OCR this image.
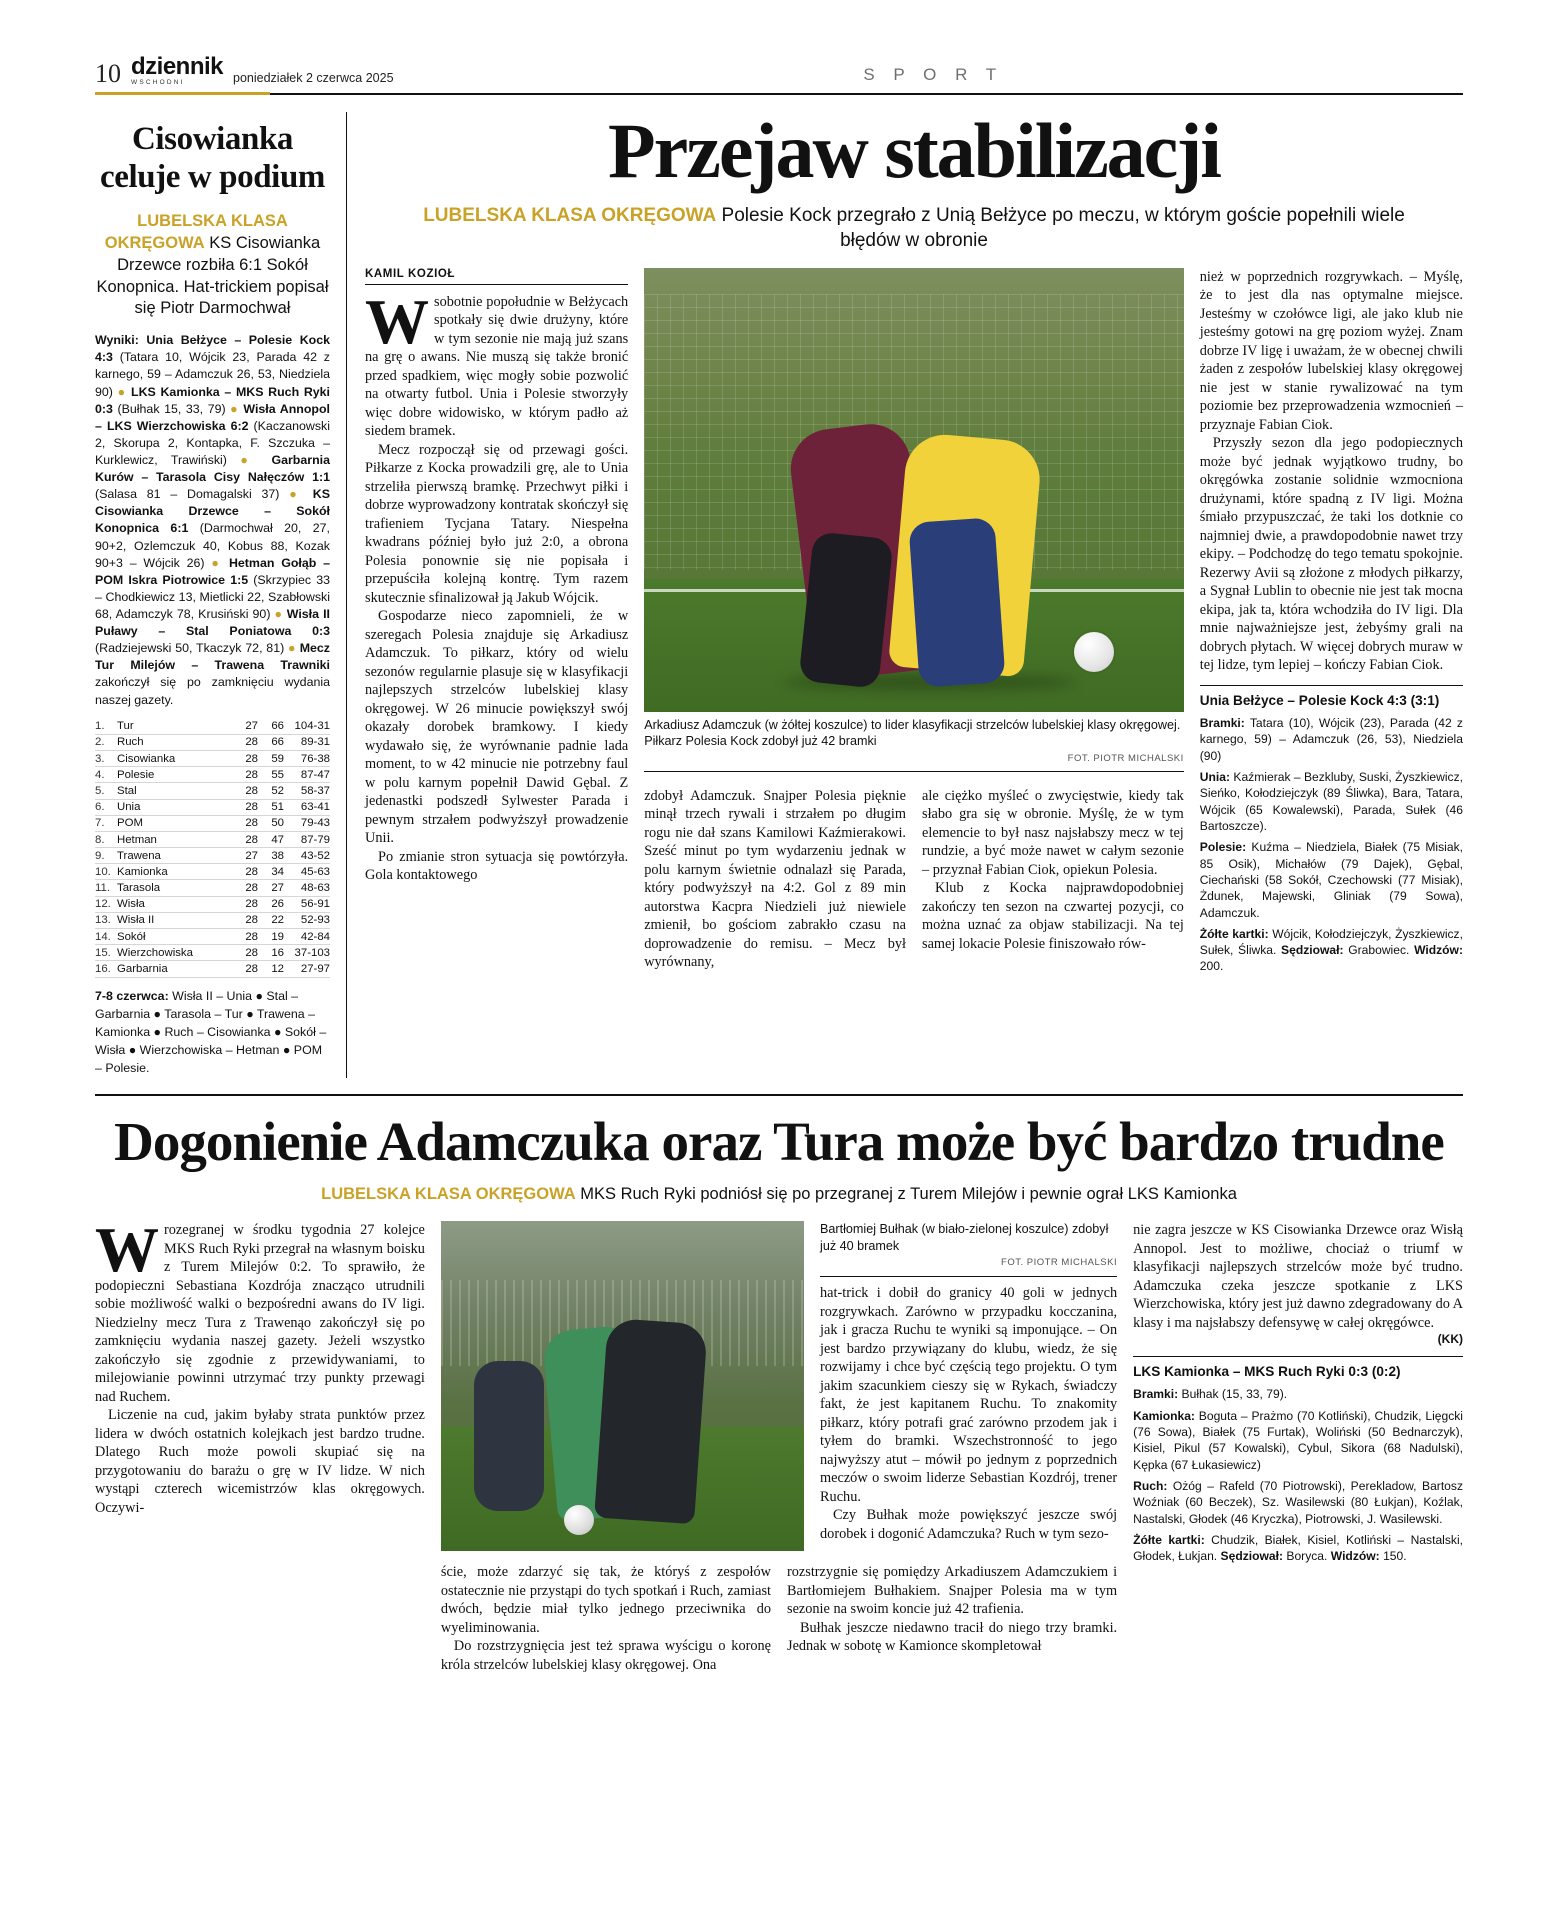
10 dziennik
WSCHODNI	poniedziałek 2 czerwca 2025	S P O R T
Cisowianka celuje w podium
LUBELSKA KLASA OKRĘGOWA KS Cisowianka Drzewce rozbiła 6:1 Sokół Konopnica. Hat-trickiem popisał się Piotr Darmochwał
Wyniki: Unia Bełżyce – Polesie Kock 4:3 (Tatara 10, Wójcik 23, Parada 42 z karnego, 59 – Adamczuk 26, 53, Niedziela 90) ● LKS Kamionka – MKS Ruch Ryki 0:3 (Bułhak 15, 33, 79) ● Wisła Annopol – LKS Wierzchowiska 6:2 (Kaczanowski 2, Skorupa 2, Kontapka, F. Szczuka – Kurklewicz, Trawiński) ● Garbarnia Kurów – Tarasola Cisy Nałęczów 1:1 (Salasa 81 – Domagalski 37) ● KS Cisowianka Drzewce – Sokół Konopnica 6:1 (Darmochwał 20, 27, 90+2, Ozlemczuk 40, Kobus 88, Kozak 90+3 – Wójcik 26) ● Hetman Gołąb – POM Iskra Piotrowice 1:5 (Skrzypiec 33 – Chodkiewicz 13, Mietlicki 22, Szabłowski 68, Adamczyk 78, Krusiński 90) ● Wisła II Puławy – Stal Poniatowa 0:3 (Radziejewski 50, Tkaczyk 72, 81) ● Mecz Tur Milejów – Trawena Trawniki zakończył się po zamknięciu wydania naszej gazety.
1.	Tur	27	66	104-31
2.	Ruch	28	66	89-31
3.	Cisowianka	28	59	76-38
4.	Polesie	28	55	87-47
5.	Stal	28	52	58-37
6.	Unia	28	51	63-41
7.	POM	28	50	79-43
8.	Hetman	28	47	87-79
9.	Trawena	27	38	43-52
10.	Kamionka	28	34	45-63
11.	Tarasola	28	27	48-63
12.	Wisła	28	26	56-91
13.	Wisła II	28	22	52-93
14.	Sokół	28	19	42-84
15.	Wierzchowiska	28	16	37-103
16.	Garbarnia	28	12	27-97
7-8 czerwca: Wisła II – Unia ● Stal – Garbarnia ● Tarasola – Tur ● Trawena – Kamionka ● Ruch – Cisowianka ● Sokół – Wisła ● Wierzchowiska – Hetman ● POM – Polesie.
Przejaw stabilizacji
LUBELSKA KLASA OKRĘGOWA Polesie Kock przegrało z Unią Bełżyce po meczu, w którym goście popełnili wiele błędów w obronie
KAMIL KOZIOŁ

Wsobotnie popołudnie w Bełżycach spotkały się dwie drużyny, które w tym sezonie nie mają już szans na grę o awans. Nie muszą się także bronić przed spadkiem, więc mogły sobie pozwolić na otwarty futbol. Unia i Polesie stworzyły więc dobre widowisko, w którym padło aż siedem bramek.

Mecz rozpoczął się od przewagi gości. Piłkarze z Kocka prowadzili grę, ale to Unia strzeliła pierwszą bramkę. Przechwyt piłki i dobrze wyprowadzony kontratak skończył się trafieniem Tycjana Tatary. Niespełna kwadrans później było już 2:0, a obrona Polesia ponownie się nie popisała i przepuściła kolejną kontrę. Tym razem skutecznie sfinalizował ją Jakub Wójcik.

Gospodarze nieco zapomnieli, że w szeregach Polesia znajduje się Arkadiusz Adamczuk. To piłkarz, który od wielu sezonów regularnie plasuje się w klasyfikacji najlepszych strzelców lubelskiej klasy okręgowej. W 26 minucie powiększył swój okazały dorobek bramkowy. I kiedy wydawało się, że wyrównanie padnie lada moment, to w 42 minucie nie potrzebny faul w polu karnym popełnił Dawid Gębal. Z jedenastki podszedł Sylwester Parada i pewnym strzałem podwyższył prowadzenie Unii.

Po zmianie stron sytuacja się powtórzyła. Gola kontaktowego

Arkadiusz Adamczuk (w żółtej koszulce) to lider klasyfikacji strzelców lubelskiej klasy okręgowej. Piłkarz Polesia Kock zdobył już 42 bramki
FOT. PIOTR MICHALSKI

zdobył Adamczuk. Snajper Polesia pięknie minął trzech rywali i strzałem po długim rogu nie dał szans Kamilowi Kaźmierakowi. Sześć minut po tym wydarzeniu jednak w polu karnym świetnie odnalazł się Parada, który podwyższył na 4:2. Gol z 89 min autorstwa Kacpra Niedzieli już niewiele zmienił, bo gościom zabrakło czasu na doprowadzenie do remisu. – Mecz był wyrównany,

ale ciężko myśleć o zwycięstwie, kiedy tak słabo gra się w obronie. Myślę, że w tym elemencie to był nasz najsłabszy mecz w tej rundzie, a być może nawet w całym sezonie – przyznał Fabian Ciok, opiekun Polesia.

Klub z Kocka najprawdopodobniej zakończy ten sezon na czwartej pozycji, co można uznać za objaw stabilizacji. Na tej samej lokacie Polesie finiszowało rów-

nież w poprzednich rozgrywkach. – Myślę, że to jest dla nas optymalne miejsce. Jesteśmy w czołówce ligi, ale jako klub nie jesteśmy gotowi na grę poziom wyżej. Znam dobrze IV ligę i uważam, że w obecnej chwili żaden z zespołów lubelskiej klasy okręgowej nie jest w stanie rywalizować na tym poziomie bez przeprowadzenia wzmocnień – przyznaje Fabian Ciok.

Przyszły sezon dla jego podopiecznych może być jednak wyjątkowo trudny, bo okręgówka zostanie solidnie wzmocniona drużynami, które spadną z IV ligi. Można śmiało przypuszczać, że taki los dotknie co najmniej dwie, a prawdopodobnie nawet trzy ekipy. – Podchodzę do tego tematu spokojnie. Rezerwy Avii są złożone z młodych piłkarzy, a Sygnał Lublin to obecnie nie jest tak mocna ekipa, jak ta, która wchodziła do IV ligi. Dla mnie najważniejsze jest, żebyśmy grali na dobrych płytach. W więcej dobrych muraw w tej lidze, tym lepiej – kończy Fabian Ciok.

Unia Bełżyce – Polesie Kock 4:3 (3:1)

Bramki: Tatara (10), Wójcik (23), Parada (42 z karnego, 59) – Adamczuk (26, 53), Niedziela (90)

Unia: Kaźmierak – Bezkluby, Suski, Żyszkiewicz, Sieńko, Kołodziejczyk (89 Śliwka), Bara, Tatara, Wójcik (65 Kowalewski), Parada, Sułek (46 Bartoszcze).

Polesie: Kuźma – Niedziela, Białek (75 Misiak, 85 Osik), Michałów (79 Dajek), Gębal, Ciechański (58 Sokół, Czechowski (77 Misiak), Żdunek, Majewski, Gliniak (79 Sowa), Adamczuk.

Żółte kartki: Wójcik, Kołodziejczyk, Żyszkiewicz, Sułek, Śliwka. Sędziował: Grabowiec. Widzów: 200.

Dogonienie Adamczuka oraz Tura może być bardzo trudne
LUBELSKA KLASA OKRĘGOWA MKS Ruch Ryki podniósł się po przegranej z Turem Milejów i pewnie ograł LKS Kamionka

Wrozegranej w środku tygodnia 27 kolejce MKS Ruch Ryki przegrał na własnym boisku z Turem Milejów 0:2. To sprawiło, że podopieczni Sebastiana Kozdrója znacząco utrudnili sobie możliwość walki o bezpośredni awans do IV ligi. Niedzielny mecz Tura z Trawenąo zakończył się po zamknięciu wydania naszej gazety. Jeżeli wszystko zakończyło się zgodnie z przewidywaniami, to milejowianie powinni utrzymać trzy punkty przewagi nad Ruchem.

Liczenie na cud, jakim byłaby strata punktów przez lidera w dwóch ostatnich kolejkach jest bardzo trudne. Dlatego Ruch może powoli skupiać się na przygotowaniu do barażu o grę w IV lidze. W nich wystąpi czterech wicemistrzów klas okręgowych. Oczywi-

Bartłomiej Bułhak (w biało-zielonej koszulce) zdobył już 40 bramek
FOT. PIOTR MICHALSKI

hat-trick i dobił do granicy 40 goli w jednych rozgrywkach. Zarówno w przypadku kocczanina, jak i gracza Ruchu te wyniki są imponujące. – On jest bardzo przywiązany do klubu, wiedz, że się rozwijamy i chce być częścią tego projektu. O tym jakim szacunkiem cieszy się w Rykach, świadczy fakt, że jest kapitanem Ruchu. To znakomity piłkarz, który potrafi grać zarówno przodem jak i tyłem do bramki. Wszechstronność to jego najwyższy atut – mówił po jednym z poprzednich meczów o swoim liderze Sebastian Kozdrój, trener Ruchu.

Czy Bułhak może powiększyć jeszcze swój dorobek i dogonić Adamczuka? Ruch w tym sezo-

ście, może zdarzyć się tak, że któryś z zespołów ostatecznie nie przystąpi do tych spotkań i Ruch, zamiast dwóch, będzie miał tylko jednego przeciwnika do wyeliminowania.

Do rozstrzygnięcia jest też sprawa wyścigu o koronę króla strzelców lubelskiej klasy okręgowej. Ona

rozstrzygnie się pomiędzy Arkadiuszem Adamczukiem i Bartłomiejem Bułhakiem. Snajper Polesia ma w tym sezonie na swoim koncie już 42 trafienia.

Bułhak jeszcze niedawno tracił do niego trzy bramki. Jednak w sobotę w Kamionce skompletował

nie zagra jeszcze w KS Cisowianka Drzewce oraz Wisłą Annopol. Jest to możliwe, chociaż o triumf w klasyfikacji najlepszych strzelców może być trudno. Adamczuka czeka jeszcze spotkanie z LKS Wierzchowiska, który jest już dawno zdegradowany do A klasy i ma najsłabszy defensywę w całej okręgówce.

(KK)
LKS Kamionka – MKS Ruch Ryki 0:3 (0:2)

Bramki: Bułhak (15, 33, 79).

Kamionka: Boguta – Prażmo (70 Kotliński), Chudzik, Lięgcki (76 Sowa), Białek (75 Furtak), Woliński (50 Bednarczyk), Kisiel, Pikul (57 Kowalski), Cybul, Sikora (68 Nadulski), Kępka (67 Łukasiewicz)

Ruch: Ożóg – Rafeld (70 Piotrowski), Perekladow, Bartosz Woźniak (60 Beczek), Sz. Wasilewski (80 Łukjan), Koźlak, Nastalski, Głodek (46 Kryczka), Piotrowski, J. Wasilewski.

Żółte kartki: Chudzik, Białek, Kisiel, Kotliński – Nastalski, Głodek, Łukjan. Sędziował: Boryca. Widzów: 150.
